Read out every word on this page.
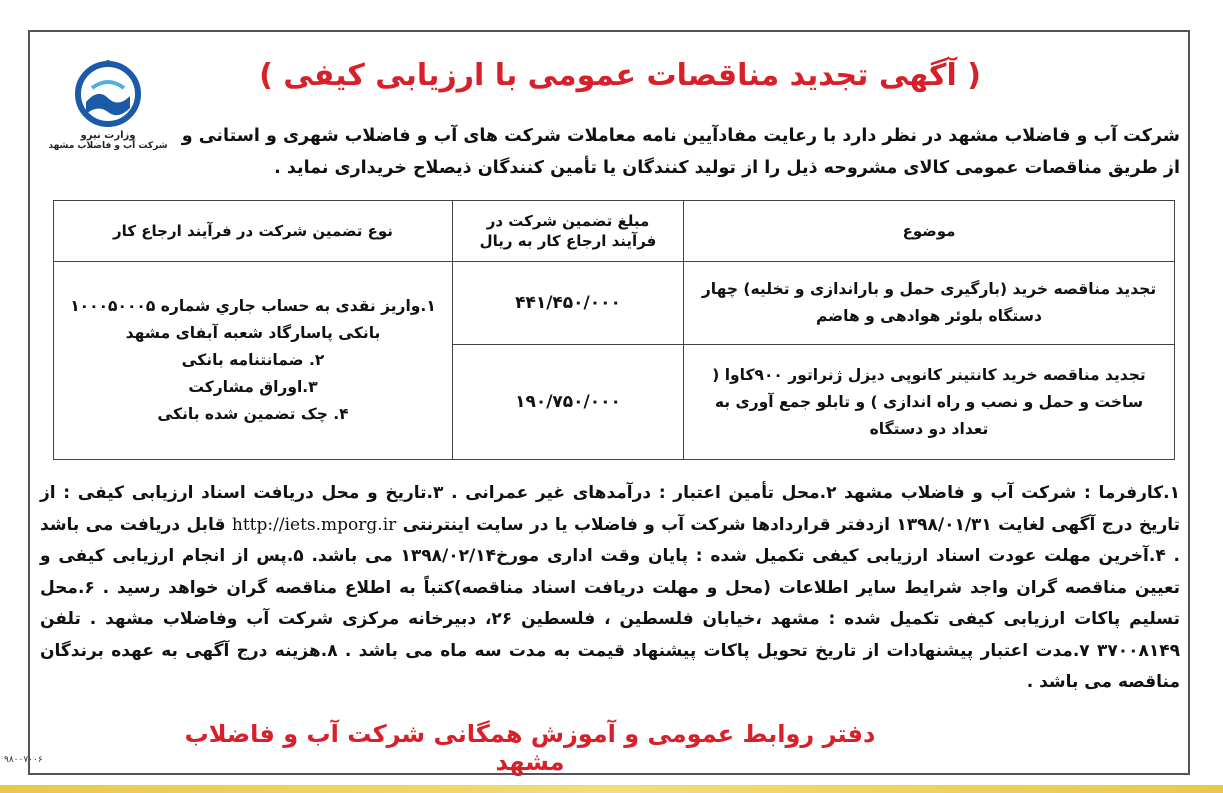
وزارت نیرو
شرکت آب و فاضلاب مشهد
( آگهی تجدید مناقصات عمومی با ارزیابی کیفی )
شرکت آب و فاضلاب مشهد در نظر دارد با رعایت مفادآیین نامه معاملات شرکت های آب و فاضلاب شهری و استانی و از طریق مناقصات عمومی کالای مشروحه ذیل را از تولید کنندگان یا تأمین کنندگان ذیصلاح خریداری نماید .
موضوع	مبلغ تضمین شرکت در فرآیند ارجاع کار به ریال	نوع تضمین شرکت در فرآیند ارجاع کار
تجدید مناقصه خرید (بارگیری حمل و باراندازی و تخلیه) چهار دستگاه بلوئر هوادهی و هاضم	۴۴۱/۴۵۰/۰۰۰	۱.واریز نقدی به حساب جاري شماره ۱۰۰۰۵۰۰۰۵ بانکی پاسارگاد شعبه آبفای مشهد
۲. ضمانتنامه بانکی
۳.اوراق مشارکت
۴. چک تضمین شده بانکی

تجدید مناقصه خرید کانتینر کانوپی دیزل ژنراتور ۹۰۰کاوا ( ساخت و حمل و نصب و راه اندازی ) و تابلو جمع آوری به تعداد دو دستگاه	۱۹۰/۷۵۰/۰۰۰	
۱.کارفرما : شرکت آب و فاضلاب مشهد ۲.محل تأمین اعتبار : درآمدهای غیر عمرانی . ۳.تاریخ و محل دریافت اسناد ارزیابی کیفی : از تاریخ درج آگهی لغایت ۱۳۹۸/۰۱/۳۱ ازدفتر قراردادها شرکت آب و فاضلاب یا در سایت اینترنتی http://iets.mporg.ir قابل دریافت می باشد . ۴.آخرین مهلت عودت اسناد ارزیابی کیفی تکمیل شده : پایان وقت اداری مورخ۱۳۹۸/۰۲/۱۴ می باشد. ۵.پس از انجام ارزیابی کیفی و تعیین مناقصه گران واجد شرایط سایر اطلاعات (محل و مهلت دریافت اسناد مناقصه)کتباً به اطلاع مناقصه گران خواهد رسید . ۶.محل تسلیم پاکات ارزیابی کیفی تکمیل شده : مشهد ،خیابان فلسطین ، فلسطین ۲۶، دبیرخانه مرکزی شرکت آب وفاضلاب مشهد . تلفن ۳۷۰۰۸۱۴۹ ۷.مدت اعتبار پیشنهادات از تاریخ تحویل پاکات پیشنهاد قیمت به مدت سه ماه می باشد . ۸.هزینه درج آگهی به عهده برندگان مناقصه می باشد .
دفتر روابط عمومی و آموزش همگانی شرکت آب و فاضلاب مشهد
۹۸۰۰۷۰۰۶
